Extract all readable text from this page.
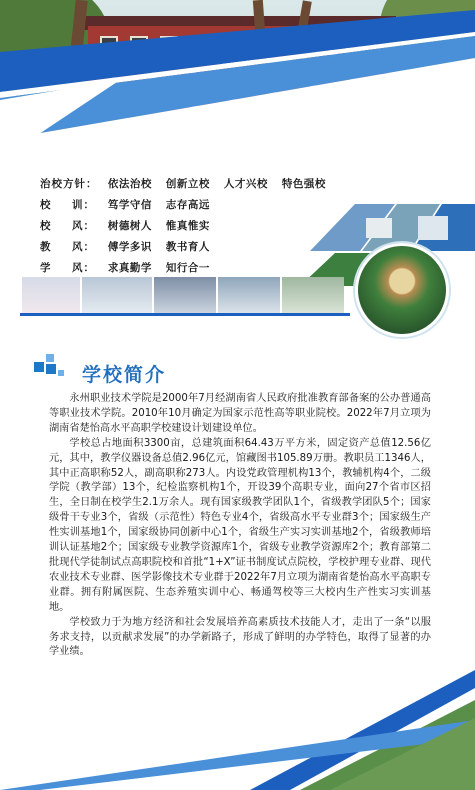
治校方针： 依法治校 创新立校 人才兴校 特色强校
校 训： 笃学守信 志存高远
校 风： 树德树人 惟真惟实
教 风： 傅学多识 教书育人
学 风： 求真勤学 知行合一
学校简介

永州职业技术学院是2000年7月经湖南省人民政府批准教育部备案的公办普通高等职业技术学院。2010年10月确定为国家示范性高等职业院校。2022年7月立项为湖南省楚怡高水平高职学校建设计划建设单位。

学校总占地面积3300亩，总建筑面积64.43万平方米，固定资产总值12.56亿元，其中，教学仪器设备总值2.96亿元，馆藏图书105.89万册。教职员工1346人，其中正高职称52人，副高职称273人。内设党政管理机构13个，教辅机构4个，二级学院（教学部）13个，纪检监察机构1个，开设39个高职专业，面向27个省市区招生，全日制在校学生2.1万余人。现有国家级教学团队1个，省级教学团队5个；国家级骨干专业3个，省级（示范性）特色专业4个，省级高水平专业群3个；国家级生产性实训基地1个，国家级协同创新中心1个，省级生产实习实训基地2个，省级教师培训认证基地2个；国家级专业教学资源库1个，省级专业教学资源库2个；教育部第二批现代学徒制试点高职院校和首批“1+X”证书制度试点院校，学校护理专业群、现代农业技术专业群、医学影像技术专业群于2022年7月立项为湖南省楚怡高水平高职专业群。拥有附属医院、生态养殖实训中心、畅通驾校等三大校内生产性实习实训基地。

学校致力于为地方经济和社会发展培养高素质技术技能人才，走出了一条“以服务求支持，以贡献求发展”的办学新路子，形成了鲜明的办学特色，取得了显著的办学业绩。
